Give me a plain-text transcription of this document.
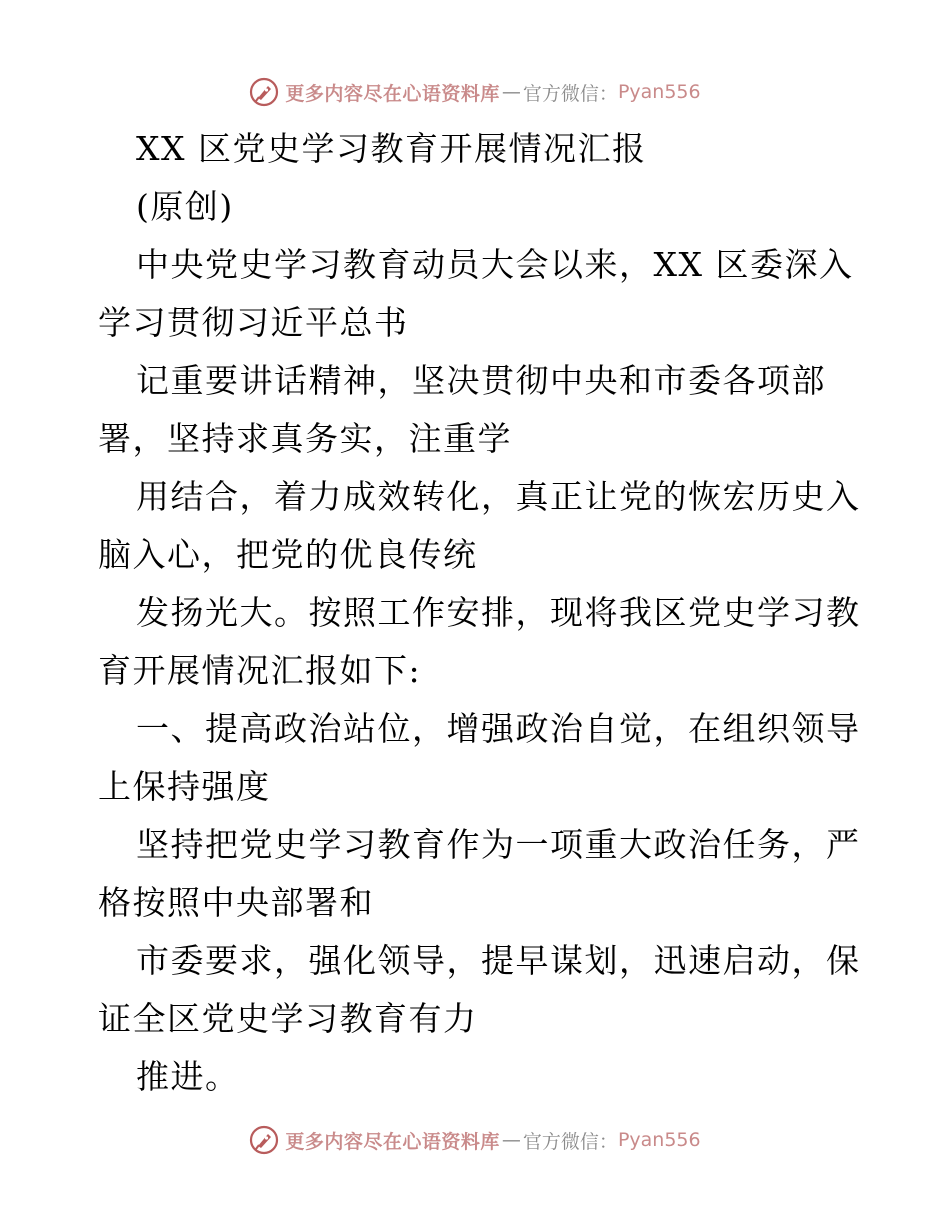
更多内容尽在心语资料库 — 官方微信： Pyan556
XX 区党史学习教育开展情况汇报
(原创)
中央党史学习教育动员大会以来，XX 区委深入
学习贯彻习近平总书
记重要讲话精神，坚决贯彻中央和市委各项部
署，坚持求真务实，注重学
用结合，着力成效转化，真正让党的恢宏历史入
脑入心，把党的优良传统
发扬光大。按照工作安排，现将我区党史学习教
育开展情况汇报如下:
一、提高政治站位，增强政治自觉，在组织领导
上保持强度
坚持把党史学习教育作为一项重大政治任务，严
格按照中央部署和
市委要求，强化领导，提早谋划，迅速启动，保
证全区党史学习教育有力
推进。
更多内容尽在心语资料库 — 官方微信： Pyan556
